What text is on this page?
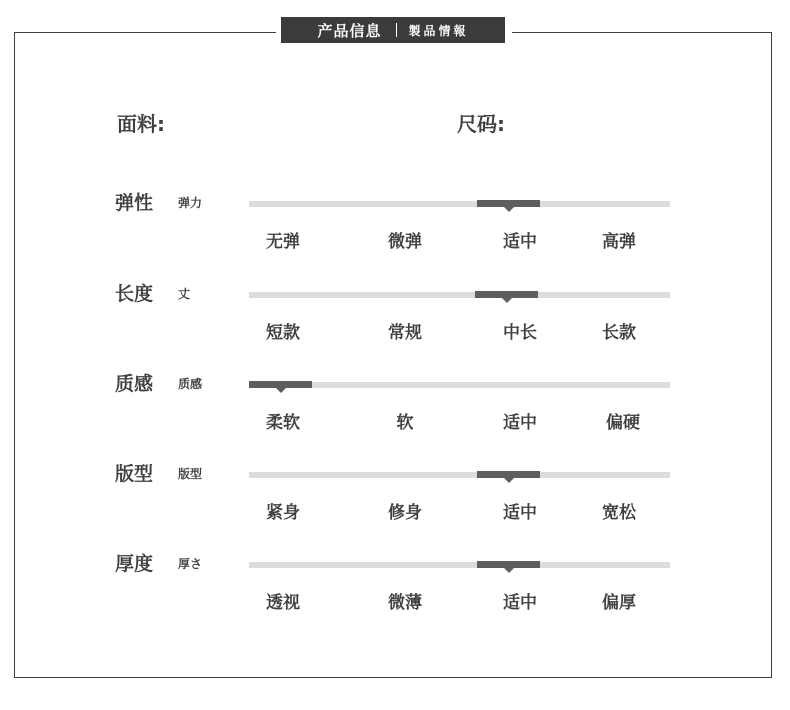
产品信息 製品情報
面料:	尺码:
弹性 弹力
无弹	微弹	适中	高弹
长度 丈
短款	常规	中长	长款
质感 质感
柔软	软	适中	偏硬
版型 版型
紧身	修身	适中	宽松
厚度 厚さ
透视	微薄	适中	偏厚
